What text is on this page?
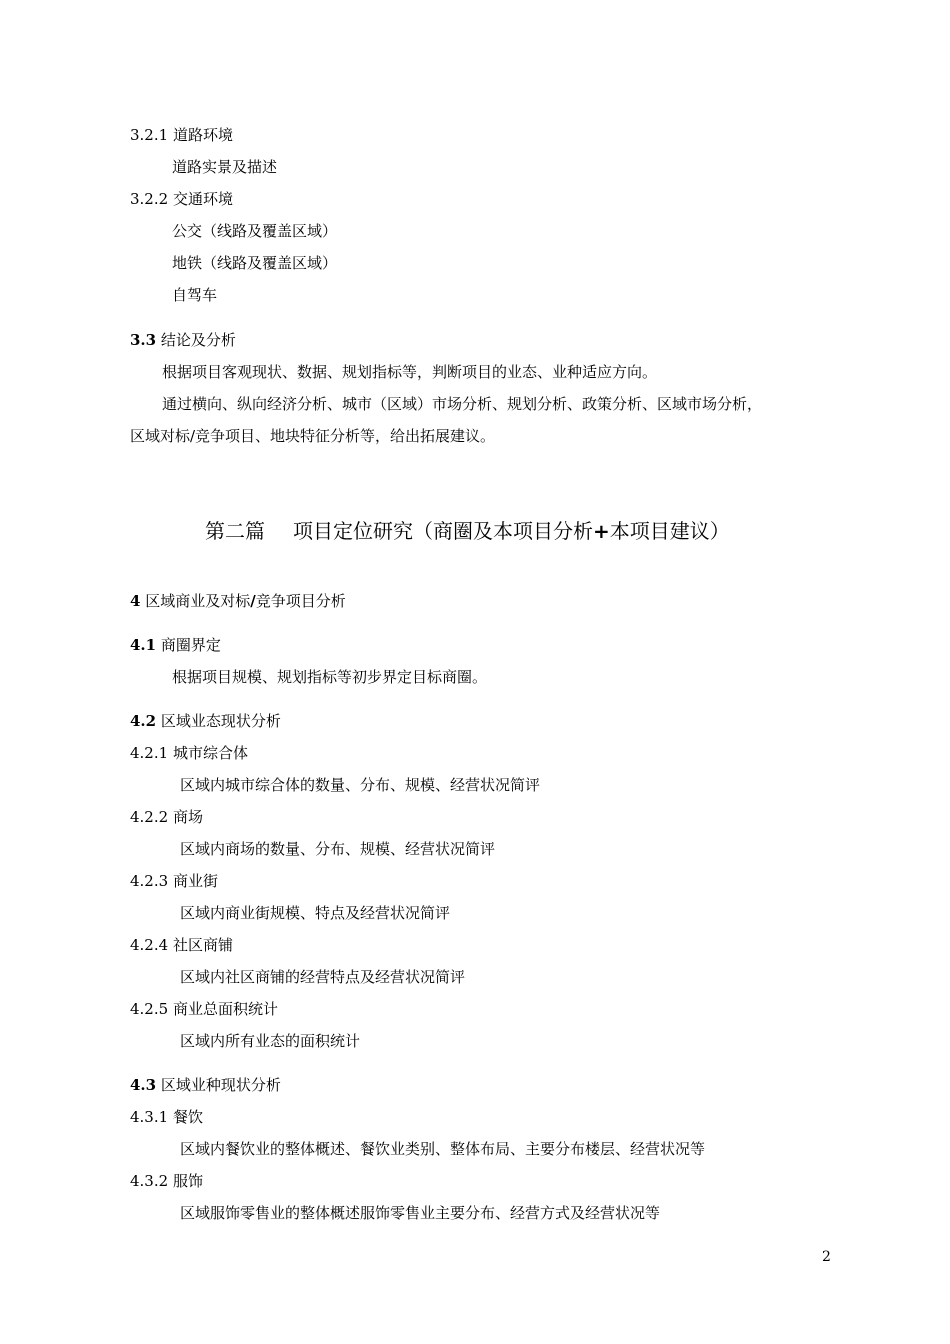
3.2.1 道路环境
道路实景及描述
3.2.2 交通环境
公交（线路及覆盖区域）
地铁（线路及覆盖区域）
自驾车
3.3 结论及分析
根据项目客观现状、数据、规划指标等，判断项目的业态、业种适应方向。
通过横向、纵向经济分析、城市（区域）市场分析、规划分析、政策分析、区域市场分析，
区域对标/竞争项目、地块特征分析等，给出拓展建议。
第二篇 项目定位研究（商圈及本项目分析+本项目建议）
4 区域商业及对标/竞争项目分析
4.1 商圈界定
根据项目规模、规划指标等初步界定目标商圈。
4.2 区域业态现状分析
4.2.1 城市综合体
区域内城市综合体的数量、分布、规模、经营状况简评
4.2.2 商场
区域内商场的数量、分布、规模、经营状况简评
4.2.3 商业街
区域内商业街规模、特点及经营状况简评
4.2.4 社区商铺
区域内社区商铺的经营特点及经营状况简评
4.2.5 商业总面积统计
区域内所有业态的面积统计
4.3 区域业种现状分析
4.3.1 餐饮
区域内餐饮业的整体概述、餐饮业类别、整体布局、主要分布楼层、经营状况等
4.3.2 服饰
区域服饰零售业的整体概述服饰零售业主要分布、经营方式及经营状况等
2
